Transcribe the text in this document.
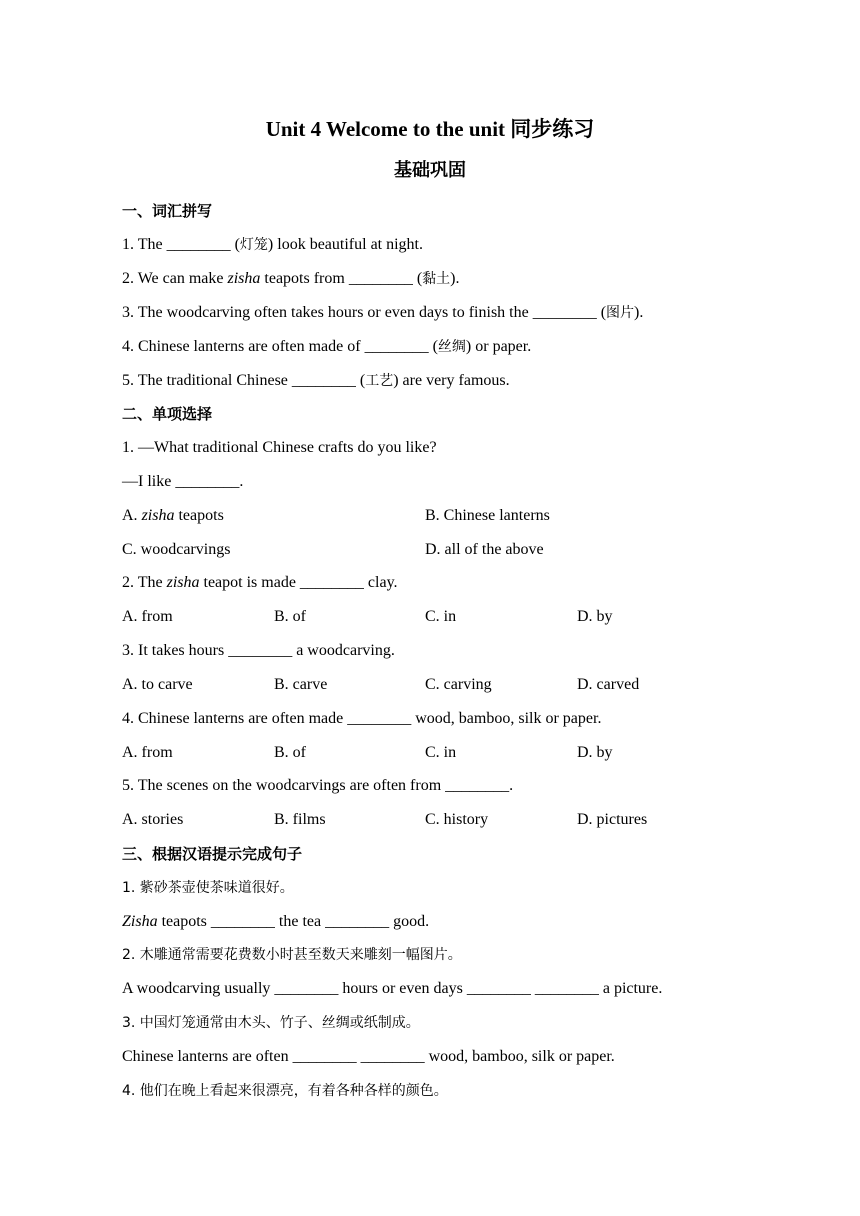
Unit 4 Welcome to the unit 同步练习
基础巩固
一、词汇拼写
1. The ________ (灯笼) look beautiful at night.
2. We can make zisha teapots from ________ (黏土).
3. The woodcarving often takes hours or even days to finish the ________ (图片).
4. Chinese lanterns are often made of ________ (丝绸) or paper.
5. The traditional Chinese ________ (工艺) are very famous.
二、单项选择
1. —What traditional Chinese crafts do you like?
—I like ________.
A. zisha teapots	B. Chinese lanterns
C. woodcarvings	D. all of the above
2. The zisha teapot is made ________ clay.
A. from	B. of	C. in	D. by
3. It takes hours ________ a woodcarving.
A. to carve	B. carve	C. carving	D. carved
4. Chinese lanterns are often made ________ wood, bamboo, silk or paper.
A. from	B. of	C. in	D. by
5. The scenes on the woodcarvings are often from ________.
A. stories	B. films	C. history	D. pictures
三、根据汉语提示完成句子
1. 紫砂茶壶使茶味道很好。
Zisha teapots ________ the tea ________ good.
2. 木雕通常需要花费数小时甚至数天来雕刻一幅图片。
A woodcarving usually ________ hours or even days ________ ________ a picture.
3. 中国灯笼通常由木头、竹子、丝绸或纸制成。
Chinese lanterns are often ________ ________ wood, bamboo, silk or paper.
4. 他们在晚上看起来很漂亮，有着各种各样的颜色。
